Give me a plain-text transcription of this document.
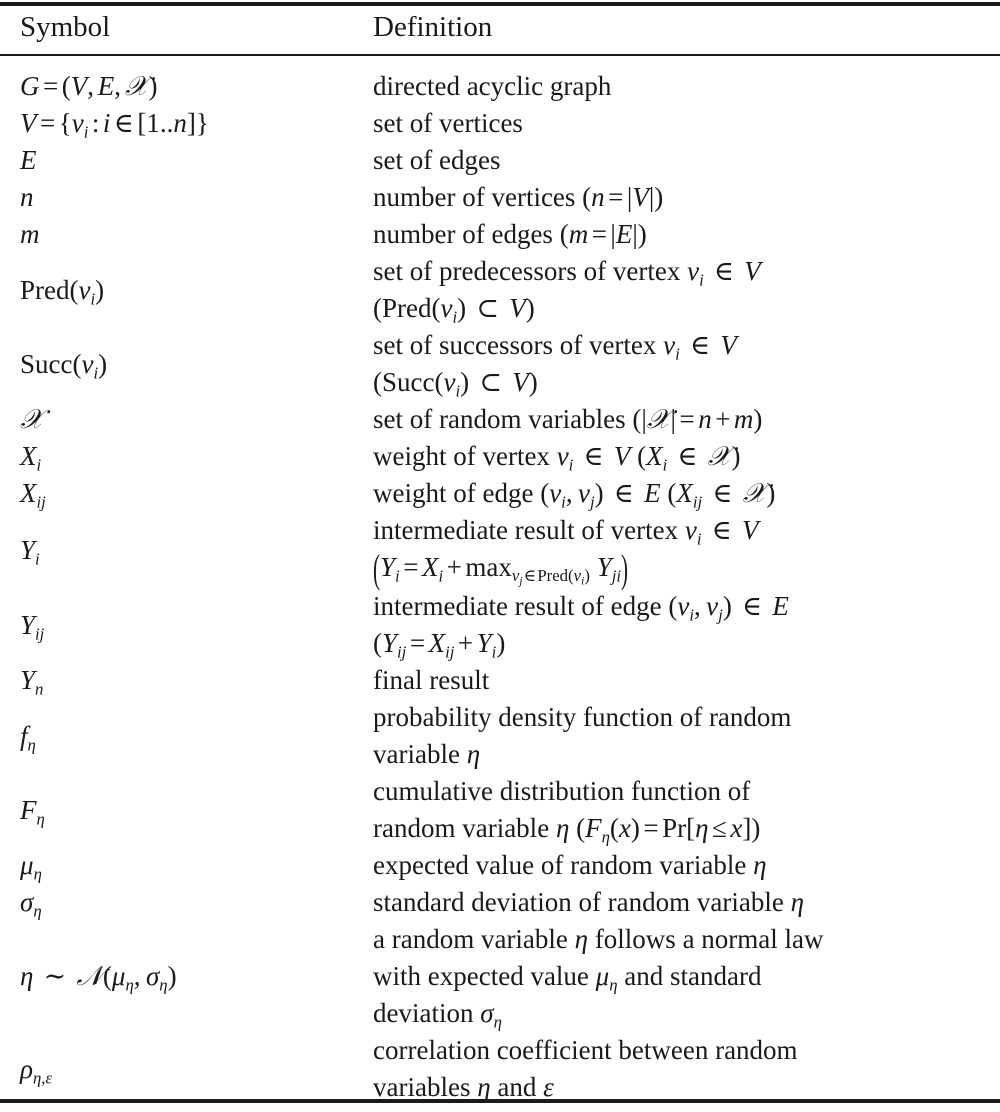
Symbol	Definition
G = (V, E, 𝒳)	directed acyclic graph

$V = \{v_i$ : i ∈ [1..n]}	set of vertices

E	set of edges

n	number of vertices (n = |V|)

m	number of edges (m = |E|)

$Pred(v_i)$	set of predecessors of vertex $v_i$ ∈ V
($Pred(v_i)$ ⊂ V)

$Succ(v_i)$	set of successors of vertex $v_i$ ∈ V
($Succ(v_i)$ ⊂ V)

𝒳	set of random variables (|𝒳| = n + m)

$X_i$	weight of vertex $v_i$ ∈ V ($X_i$ ∈ 𝒳)

$X_{ij}$	weight of edge ($v_i$, $v_j$) ∈ E ($X_{ij}$ ∈ 𝒳)

$Y_i$	intermediate result of vertex $v_i$ ∈ V
$(Y_i = X_i + \max_{v_j\in Pred(v_i)} Y_{ji})$

$Y_{ij}$	intermediate result of edge ($v_i$, $v_j$) ∈ E
$(Y_{ij} = X_{ij} + Y_i)$

$Y_n$	final result

$f_\eta$	probability density function of random
variable η

$F_\eta$	cumulative distribution function of
random variable η $(F_\eta(x) = Pr[\eta \le x])$

$\mu_\eta$	expected value of random variable η

$\sigma_\eta$	standard deviation of random variable η

η ∼ $𝒩(\mu_\eta$, $\sigma_\eta$)	a random variable η follows a normal law
with expected value $\mu_\eta$ and standard
deviation $\sigma_\eta$

$\rho_{\eta,\varepsilon}$	correlation coefficient between random
variables η and ε
